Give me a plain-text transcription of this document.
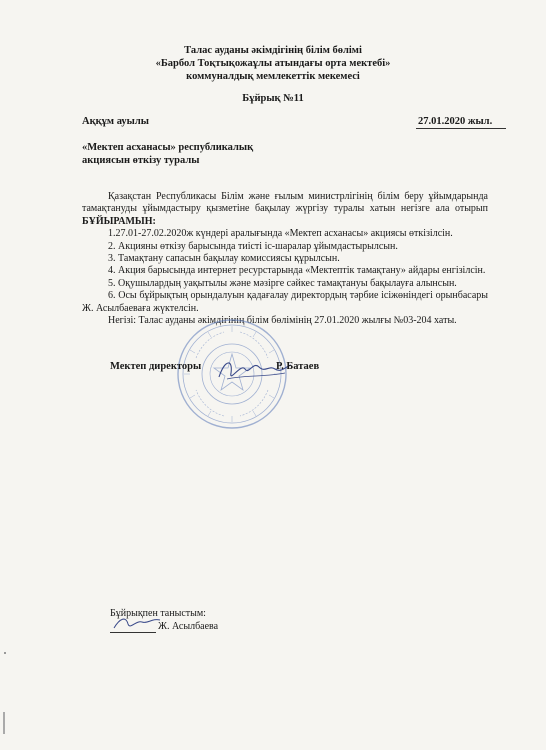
Талас ауданы әкімдігінің білім бөлімі
«Барбол Тоқтықожаұлы атындағы орта мектебі»
коммуналдық мемлекеттік мекемесі
Бұйрық №11
Аққұм ауылы	27.01.2020 жыл.
«Мектеп асханасы» республикалық
акциясын өткізу туралы

Қазақстан Республикасы Білім және ғылым министрлігінің білім беру ұйымдарында тамақтануды ұйымдастыру қызметіне бақылау жүргізу туралы хатын негізге ала отырып БҰЙЫРАМЫН:

1.27.01-27.02.2020ж күндері аралығында «Мектеп асханасы» акциясы өткізілсін.

2. Акцияны өткізу барысында тиісті іс-шаралар ұйымдастырылсын.

3. Тамақтану сапасын бақылау комиссиясы құрылсын.

4. Акция барысында интернет ресурстарында «Мектептік тамақтану» айдары енгізілсін.

5. Оқушылардың уақытылы және мәзірге сәйкес тамақтануы бақылауға алынсын.

6. Осы бұйрықтың орындалуын қадағалау директордың тәрбие ісіжөніндегі орынбасары Ж. Асылбаеваға жүктелсін.

Негізі: Талас ауданы әкімдігінің білім бөлімінің 27.01.2020 жылғы №03-204 хаты.

Мектеп директоры	Р. Батаев
Бұйрықпен таныстым:
Ж. Асылбаева
